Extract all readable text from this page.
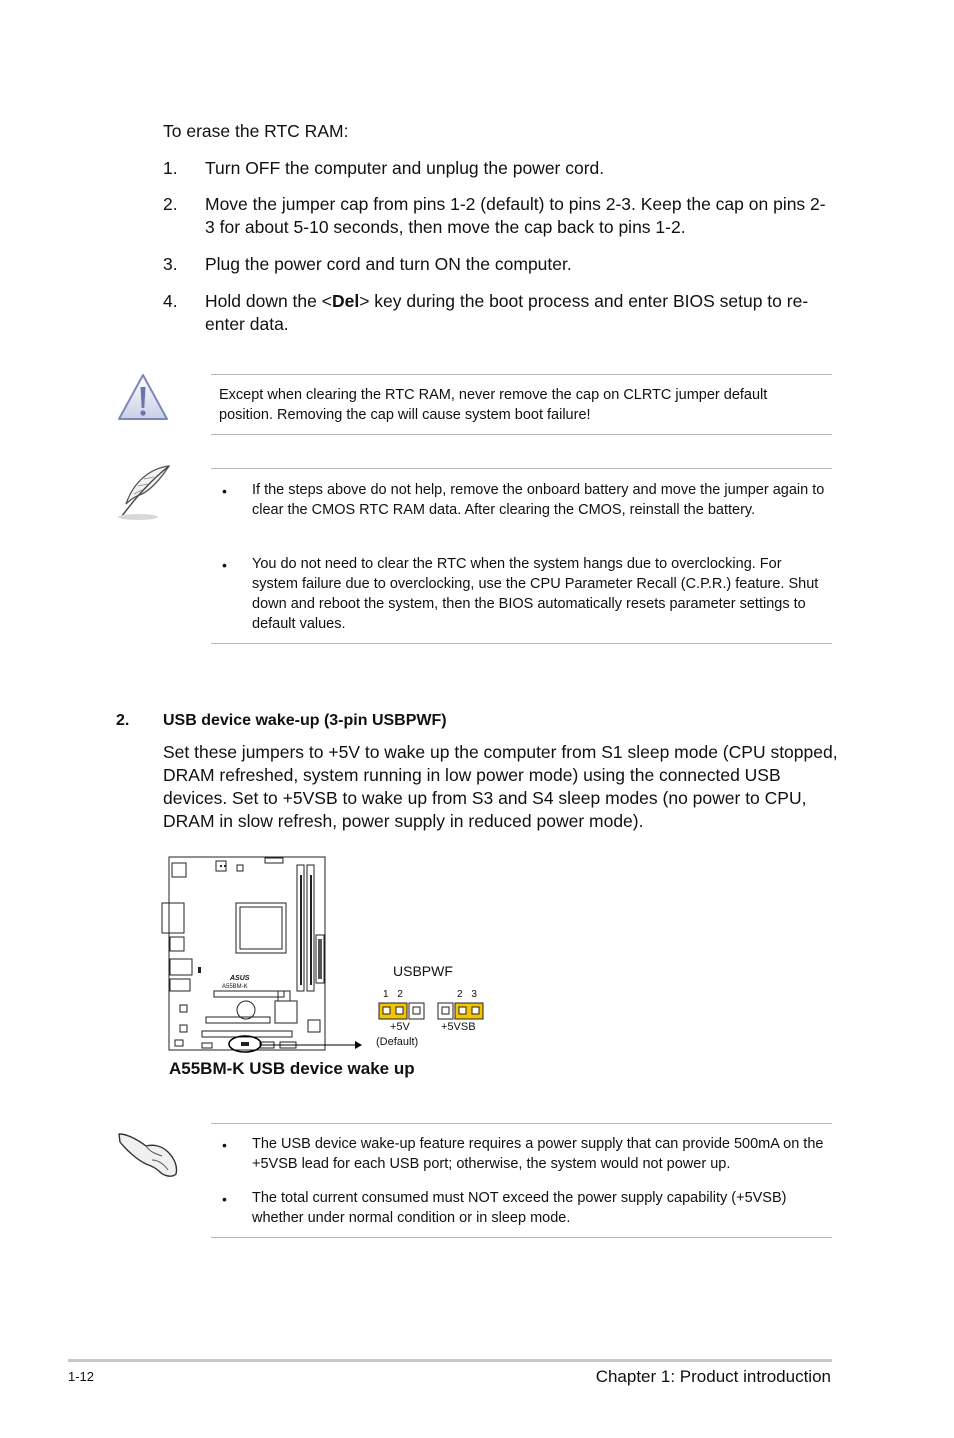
To erase the RTC RAM:
1. Turn OFF the computer and unplug the power cord.
2. Move the jumper cap from pins 1-2 (default) to pins 2-3. Keep the cap on pins 2-3 for about 5-10 seconds, then move the cap back to pins 1-2.
3. Plug the power cord and turn ON the computer.
4. Hold down the <Del> key during the boot process and enter BIOS setup to re-enter data.
Except when clearing the RTC RAM, never remove the cap on CLRTC jumper default position. Removing the cap will cause system boot failure!
• If the steps above do not help, remove the onboard battery and move the jumper again to clear the CMOS RTC RAM data. After clearing the CMOS, reinstall the battery.
• You do not need to clear the RTC when the system hangs due to overclocking. For system failure due to overclocking, use the CPU Parameter Recall (C.P.R.) feature. Shut down and reboot the system, then the BIOS automatically resets parameter settings to default values.
2. USB device wake-up (3-pin USBPWF)
Set these jumpers to +5V to wake up the computer from S1 sleep mode (CPU stopped, DRAM refreshed, system running in low power mode) using the connected USB devices. Set to +5VSB to wake up from S3 and S4 sleep modes (no power to CPU, DRAM in slow refresh, power supply in reduced power mode).
ASUS
A55BM-K
USBPWF
1 2	2 3
+5V
(Default)
+5VSB
A55BM-K USB device wake up
• The USB device wake-up feature requires a power supply that can provide 500mA on the +5VSB lead for each USB port; otherwise, the system would not power up.
• The total current consumed must NOT exceed the power supply capability (+5VSB) whether under normal condition or in sleep mode.
1-12	Chapter 1: Product introduction
